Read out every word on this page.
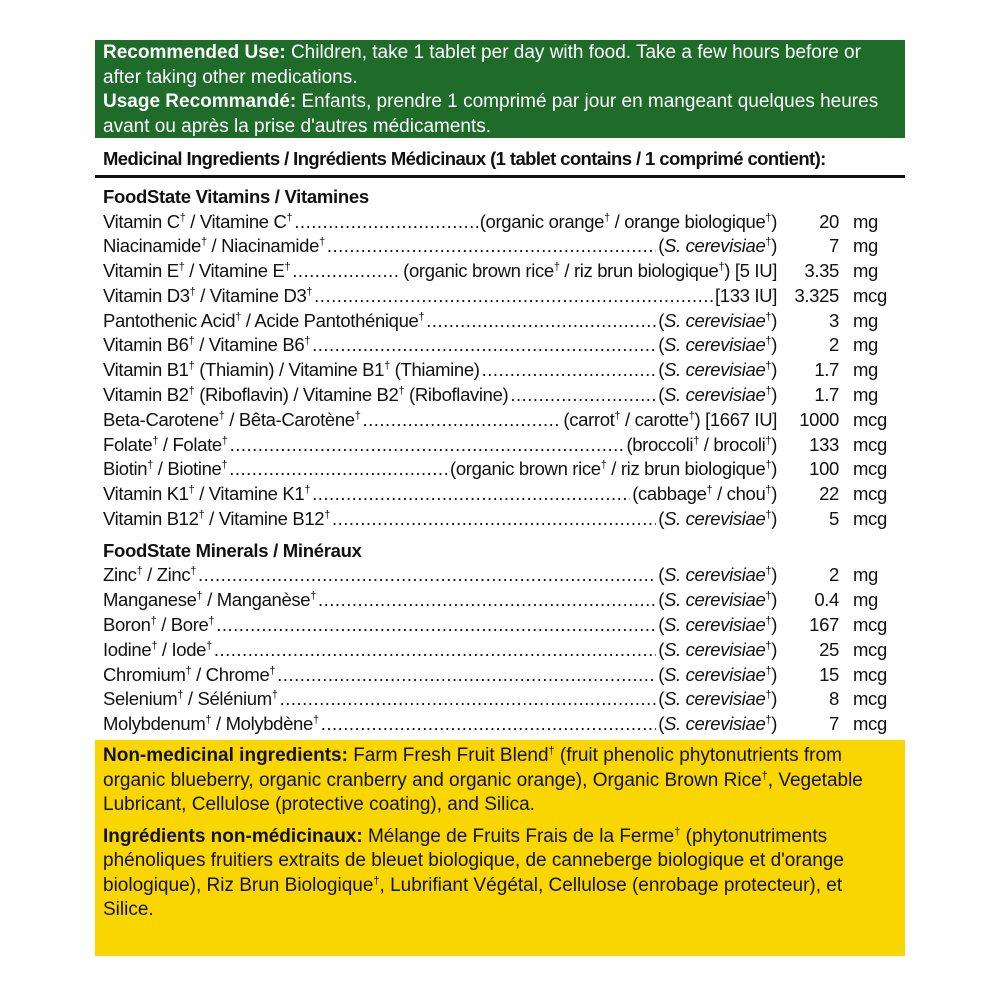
Recommended Use: Children, take 1 tablet per day with food. Take a few hours before or after taking other medications.

Usage Recommandé: Enfants, prendre 1 comprimé par jour en mangeant quelques heures avant ou après la prise d'autres médicaments.

Medicinal Ingredients / Ingrédients Médicinaux (1 tablet contains / 1 comprimé contient):
FoodState Vitamins / Vitamines
Vitamin C† / Vitamine C† .....	(organic orange† / orange biologique†)	20 mg
Niacinamide† / Niacinamide† .....	(S. cerevisiae†)	7 mg
Vitamin E† / Vitamine E† .....	(organic brown rice† / riz brun biologique†) [5 IU]	3.35 mg
Vitamin D3† / Vitamine D3† .....	[133 IU] 3.325 mcg
Pantothenic Acid† / Acide Pantothénique† .....	(S. cerevisiae†)	3 mg
Vitamin B6† / Vitamine B6† .....	(S. cerevisiae†)	2 mg
Vitamin B1† (Thiamin) / Vitamine B1† (Thiamine) .....	(S. cerevisiae†)	1.7 mg
Vitamin B2† (Riboflavin) / Vitamine B2† (Riboflavine) .....	(S. cerevisiae†)	1.7 mg
Beta-Carotene† / Bêta-Carotène† .....	(carrot† / carotte†) [1667 IU]	1000 mcg
Folate† / Folate† .....	(broccoli† / brocoli†)	133 mcg
Biotin† / Biotine† .....	(organic brown rice† / riz brun biologique†)	100 mcg
Vitamin K1† / Vitamine K1† .....	(cabbage† / chou†)	22 mcg
Vitamin B12† / Vitamine B12† .....	(S. cerevisiae†)	5 mcg
FoodState Minerals / Minéraux
Zinc† / Zinc† .....	(S. cerevisiae†)	2 mg
Manganese† / Manganèse† .....	(S. cerevisiae†)	0.4 mg
Boron† / Bore† .....	(S. cerevisiae†)	167 mcg
Iodine† / Iode† .....	(S. cerevisiae†)	25 mcg
Chromium† / Chrome† .....	(S. cerevisiae†)	15 mcg
Selenium† / Sélénium† .....	(S. cerevisiae†)	8 mcg
Molybdenum† / Molybdène† .....	(S. cerevisiae†)	7 mcg

Non-medicinal ingredients: Farm Fresh Fruit Blend† (fruit phenolic phytonutrients from organic blueberry, organic cranberry and organic orange), Organic Brown Rice†, Vegetable Lubricant, Cellulose (protective coating), and Silica.

Ingrédients non-médicinaux: Mélange de Fruits Frais de la Ferme† (phytonutriments phénoliques fruitiers extraits de bleuet biologique, de canneberge biologique et d'orange biologique), Riz Brun Biologique†, Lubrifiant Végétal, Cellulose (enrobage protecteur), et Silice.
